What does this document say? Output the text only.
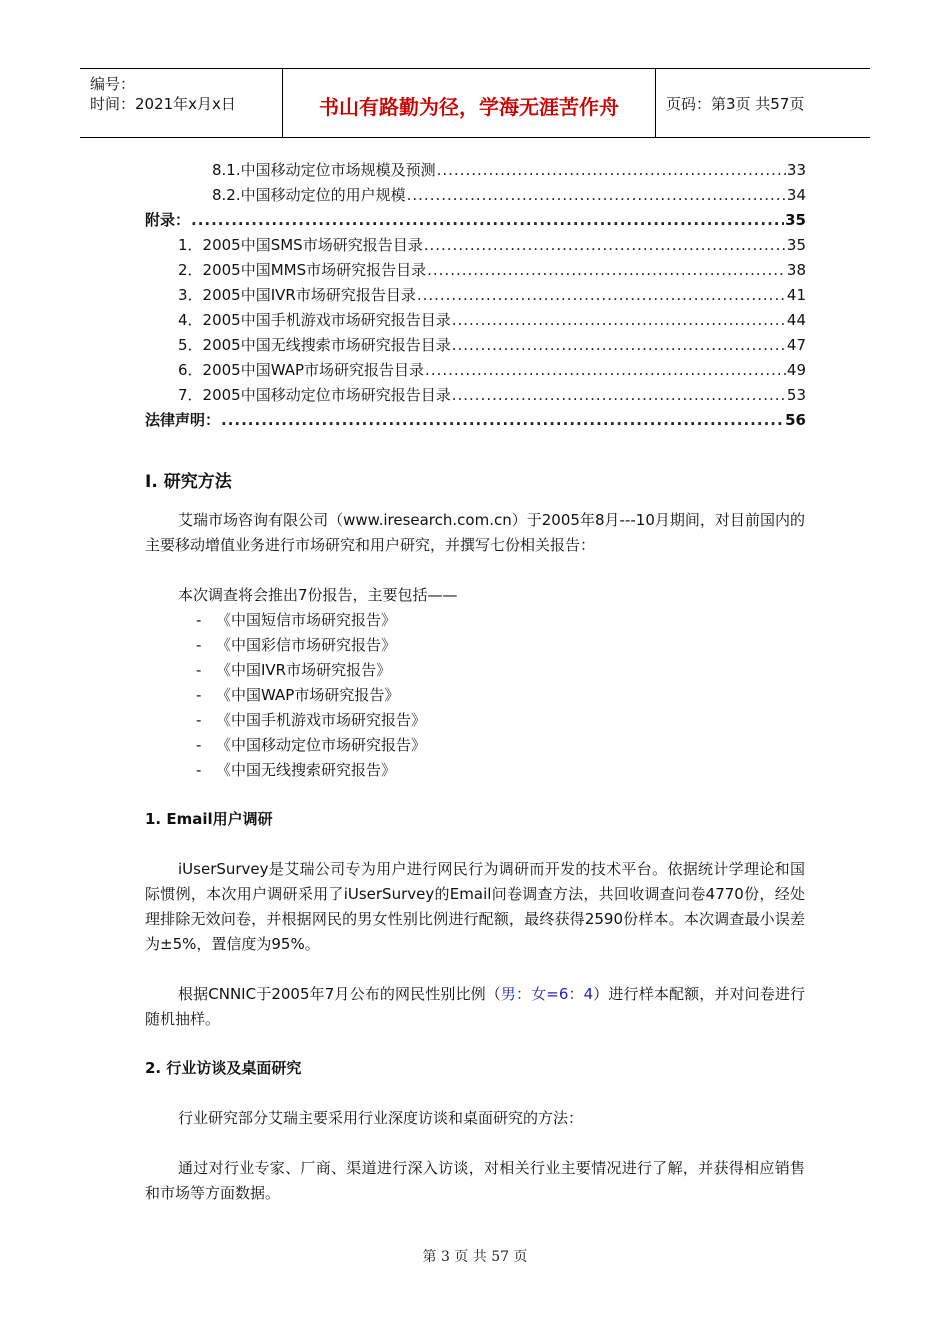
编号：
时间：2021年x月x日	书山有路勤为径，学海无涯苦作舟	页码：第3页 共57页
8.1.中国移动定位市场规模及预测 .....	33
8.2.中国移动定位的用户规模 .....	34
附录： .....	35
1．2005中国SMS市场研究报告目录 .....	35
2．2005中国MMS市场研究报告目录 .....	38
3．2005中国IVR市场研究报告目录 .....	41
4．2005中国手机游戏市场研究报告目录 .....	44
5．2005中国无线搜索市场研究报告目录 .....	47
6．2005中国WAP市场研究报告目录 .....	49
7．2005中国移动定位市场研究报告目录 .....	53
法律声明： .....	56
I. 研究方法
艾瑞市场咨询有限公司（www.iresearch.com.cn）于2005年8月---10月期间，对目前国内的主要移动增值业务进行市场研究和用户研究，并撰写七份相关报告：
本次调查将会推出7份报告，主要包括——
- 《中国短信市场研究报告》
- 《中国彩信市场研究报告》
- 《中国IVR市场研究报告》
- 《中国WAP市场研究报告》
- 《中国手机游戏市场研究报告》
- 《中国移动定位市场研究报告》
- 《中国无线搜索研究报告》
1. Email用户调研
iUserSurvey是艾瑞公司专为用户进行网民行为调研而开发的技术平台。依据统计学理论和国际惯例，本次用户调研采用了iUserSurvey的Email问卷调查方法，共回收调查问卷4770份，经处理排除无效问卷，并根据网民的男女性别比例进行配额，最终获得2590份样本。本次调查最小误差为±5%，置信度为95%。
根据CNNIC于2005年7月公布的网民性别比例（男：女=6：4）进行样本配额，并对问卷进行随机抽样。
2. 行业访谈及桌面研究
行业研究部分艾瑞主要采用行业深度访谈和桌面研究的方法：
通过对行业专家、厂商、渠道进行深入访谈，对相关行业主要情况进行了解，并获得相应销售和市场等方面数据。
第 3 页 共 57 页
